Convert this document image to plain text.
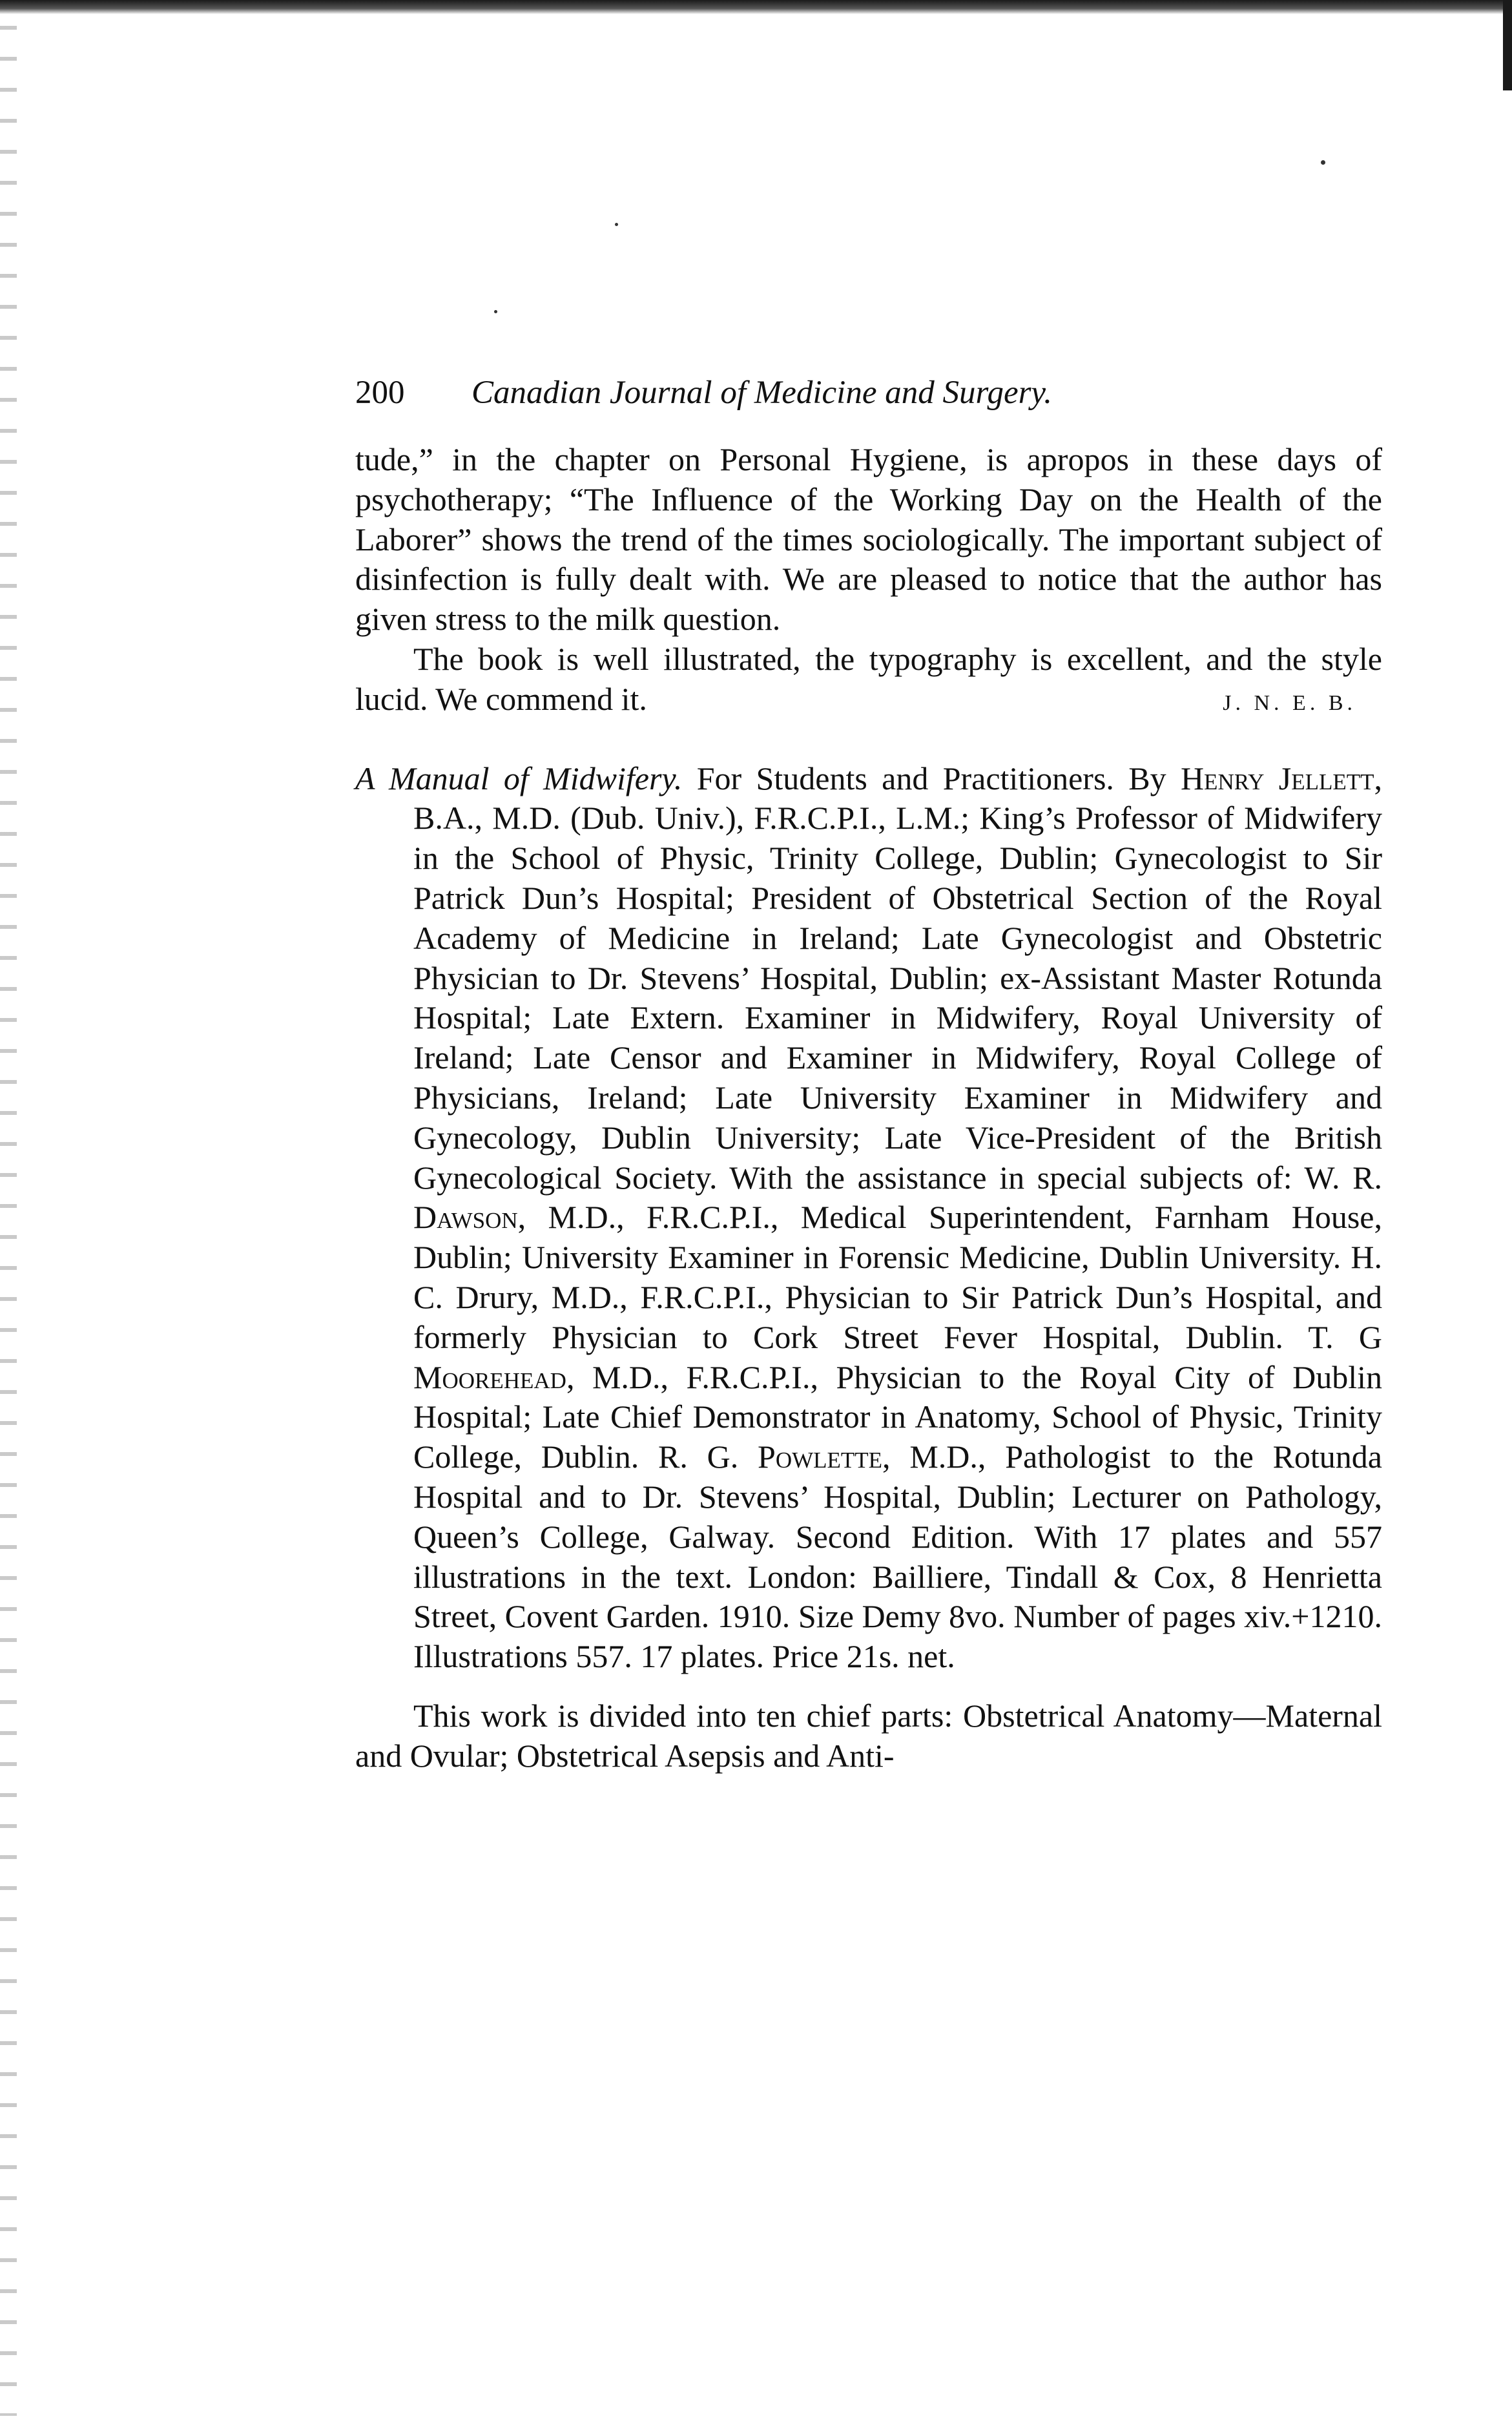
200 Canadian Journal of Medicine and Surgery.

tude,” in the chapter on Personal Hygiene, is apropos in these days of psychotherapy; “The Influence of the Working Day on the Health of the Laborer” shows the trend of the times sociologically. The important subject of disinfection is fully dealt with. We are pleased to notice that the author has given stress to the milk question.

The book is well illustrated, the typography is excellent, and the style lucid. We commend it.	J. N. E. B.

A Manual of Midwifery. For Students and Practitioners. By Henry Jellett, B.A., M.D. (Dub. Univ.), F.R.C.P.I., L.M.; King’s Professor of Midwifery in the School of Physic, Trinity College, Dublin; Gynecologist to Sir Patrick Dun’s Hospital; President of Obstetrical Section of the Royal Academy of Medicine in Ireland; Late Gynecologist and Obstetric Physician to Dr. Stevens’ Hospital, Dublin; ex-Assistant Master Rotunda Hospital; Late Extern. Examiner in Midwifery, Royal University of Ireland; Late Censor and Examiner in Midwifery, Royal College of Physicians, Ireland; Late University Examiner in Midwifery and Gynecology, Dublin University; Late Vice-President of the British Gynecological Society. With the assistance in special subjects of: W. R. Dawson, M.D., F.R.C.P.I., Medical Superintendent, Farnham House, Dublin; University Examiner in Forensic Medicine, Dublin University. H. C. Drury, M.D., F.R.C.P.I., Physician to Sir Patrick Dun’s Hospital, and formerly Physician to Cork Street Fever Hospital, Dublin. T. G Moorehead, M.D., F.R.C.P.I., Physician to the Royal City of Dublin Hospital; Late Chief Demonstrator in Anatomy, School of Physic, Trinity College, Dublin. R. G. Powlette, M.D., Pathologist to the Rotunda Hospital and to Dr. Stevens’ Hospital, Dublin; Lecturer on Pathology, Queen’s College, Galway. Second Edition. With 17 plates and 557 illustrations in the text. London: Bailliere, Tindall & Cox, 8 Henrietta Street, Covent Garden. 1910. Size Demy 8vo. Number of pages xiv.+1210. Illustrations 557. 17 plates. Price 21s. net.

This work is divided into ten chief parts: Obstetrical Anatomy—Maternal and Ovular; Obstetrical Asepsis and Anti-
